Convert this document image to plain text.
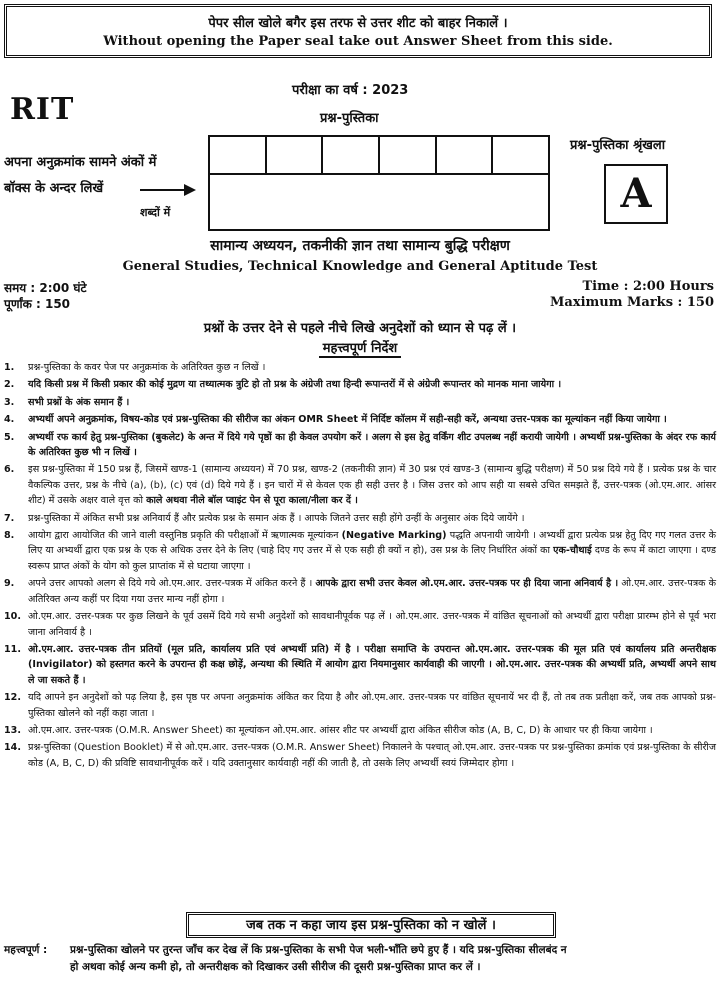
पेपर सील खोले बगैर इस तरफ से उत्तर शीट को बाहर निकालें ।
Without opening the Paper seal take out Answer Sheet from this side.
RIT
परीक्षा का वर्ष : 2023
प्रश्न-पुस्तिका
अपना अनुक्रमांक सामने अंकों में
बॉक्स के अन्दर लिखें
शब्दों में
प्रश्न-पुस्तिका श्रृंखला
A
सामान्य अध्ययन, तकनीकी ज्ञान तथा सामान्य बुद्धि परीक्षण
General Studies, Technical Knowledge and General Aptitude Test
समय : 2:00 घंटे
पूर्णांक : 150
Time : 2:00 Hours
Maximum Marks : 150
प्रश्नों के उत्तर देने से पहले नीचे लिखे अनुदेशों को ध्यान से पढ़ लें ।
महत्त्वपूर्ण निर्देश
1.	प्रश्न-पुस्तिका के कवर पेज पर अनुक्रमांक के अतिरिक्त कुछ न लिखें ।
2.	यदि किसी प्रश्न में किसी प्रकार की कोई मुद्रण या तथ्यात्मक त्रुटि हो तो प्रश्न के अंग्रेजी तथा हिन्दी रूपान्तरों में से अंग्रेजी रूपान्तर को मानक माना जायेगा ।
3.	सभी प्रश्नों के अंक समान हैं ।
4.	अभ्यर्थी अपने अनुक्रमांक, विषय-कोड एवं प्रश्न-पुस्तिका की सीरीज का अंकन OMR Sheet में निर्दिष्ट कॉलम में सही-सही करें, अन्यथा उत्तर-पत्रक का मूल्यांकन नहीं किया जायेगा ।
5.	अभ्यर्थी रफ कार्य हेतु प्रश्न-पुस्तिका (बुकलेट) के अन्त में दिये गये पृष्ठों का ही केवल उपयोग करें । अलग से इस हेतु वर्किंग शीट उपलब्ध नहीं करायी जायेगी । अभ्यर्थी प्रश्न-पुस्तिका के अंदर रफ कार्य के अतिरिक्त कुछ भी न लिखें ।
6.	इस प्रश्न-पुस्तिका में 150 प्रश्न हैं, जिसमें खण्ड-1 (सामान्य अध्ययन) में 70 प्रश्न, खण्ड-2 (तकनीकी ज्ञान) में 30 प्रश्न एवं खण्ड-3 (सामान्य बुद्धि परीक्षण) में 50 प्रश्न दिये गये हैं । प्रत्येक प्रश्न के चार वैकल्पिक उत्तर, प्रश्न के नीचे (a), (b), (c) एवं (d) दिये गये हैं । इन चारों में से केवल एक ही सही उत्तर है । जिस उत्तर को आप सही या सबसे उचित समझते हैं, उत्तर-पत्रक (ओ.एम.आर. आंसर शीट) में उसके अक्षर वाले वृत्त को काले अथवा नीले बॉल प्वाइंट पेन से पूरा काला/नीला कर दें ।
7.	प्रश्न-पुस्तिका में अंकित सभी प्रश्न अनिवार्य हैं और प्रत्येक प्रश्न के समान अंक हैं । आपके जितने उत्तर सही होंगे उन्हीं के अनुसार अंक दिये जायेंगे ।
8.	आयोग द्वारा आयोजित की जाने वाली वस्तुनिष्ठ प्रकृति की परीक्षाओं में ऋणात्मक मूल्यांकन (Negative Marking) पद्धति अपनायी जायेगी । अभ्यर्थी द्वारा प्रत्येक प्रश्न हेतु दिए गए गलत उत्तर के लिए या अभ्यर्थी द्वारा एक प्रश्न के एक से अधिक उत्तर देने के लिए (चाहे दिए गए उत्तर में से एक सही ही क्यों न हो), उस प्रश्न के लिए निर्धारित अंकों का एक-चौथाई दण्ड के रूप में काटा जाएगा । दण्ड स्वरूप प्राप्त अंकों के योग को कुल प्राप्तांक में से घटाया जाएगा ।
9.	अपने उत्तर आपको अलग से दिये गये ओ.एम.आर. उत्तर-पत्रक में अंकित करने हैं । आपके द्वारा सभी उत्तर केवल ओ.एम.आर. उत्तर-पत्रक पर ही दिया जाना अनिवार्य है । ओ.एम.आर. उत्तर-पत्रक के अतिरिक्त अन्य कहीं पर दिया गया उत्तर मान्य नहीं होगा ।
10. ओ.एम.आर. उत्तर-पत्रक पर कुछ लिखने के पूर्व उसमें दिये गये सभी अनुदेशों को सावधानीपूर्वक पढ़ लें । ओ.एम.आर. उत्तर-पत्रक में वांछित सूचनाओं को अभ्यर्थी द्वारा परीक्षा प्रारम्भ होने से पूर्व भरा जाना अनिवार्य है ।
11. ओ.एम.आर. उत्तर-पत्रक तीन प्रतियों (मूल प्रति, कार्यालय प्रति एवं अभ्यर्थी प्रति) में है । परीक्षा समाप्ति के उपरान्त ओ.एम.आर. उत्तर-पत्रक की मूल प्रति एवं कार्यालय प्रति अन्तरीक्षक (Invigilator) को हस्तगत करने के उपरान्त ही कक्ष छोड़ें, अन्यथा की स्थिति में आयोग द्वारा नियमानुसार कार्यवाही की जाएगी । ओ.एम.आर. उत्तर-पत्रक की अभ्यर्थी प्रति, अभ्यर्थी अपने साथ ले जा सकते हैं ।
12. यदि आपने इन अनुदेशों को पढ़ लिया है, इस पृष्ठ पर अपना अनुक्रमांक अंकित कर दिया है और ओ.एम.आर. उत्तर-पत्रक पर वांछित सूचनायें भर दी हैं, तो तब तक प्रतीक्षा करें, जब तक आपको प्रश्न-पुस्तिका खोलने को नहीं कहा जाता ।
13. ओ.एम.आर. उत्तर-पत्रक (O.M.R. Answer Sheet) का मूल्यांकन ओ.एम.आर. आंसर शीट पर अभ्यर्थी द्वारा अंकित सीरीज कोड (A, B, C, D) के आधार पर ही किया जायेगा ।
14. प्रश्न-पुस्तिका (Question Booklet) में से ओ.एम.आर. उत्तर-पत्रक (O.M.R. Answer Sheet) निकालने के पश्चात् ओ.एम.आर. उत्तर-पत्रक पर प्रश्न-पुस्तिका क्रमांक एवं प्रश्न-पुस्तिका के सीरीज कोड (A, B, C, D) की प्रविष्टि सावधानीपूर्वक करें । यदि उक्तानुसार कार्यवाही नहीं की जाती है, तो उसके लिए अभ्यर्थी स्वयं जिम्मेदार होगा ।
जब तक न कहा जाय इस प्रश्न-पुस्तिका को न खोलें ।
महत्त्वपूर्ण :	प्रश्न-पुस्तिका खोलने पर तुरन्त जाँच कर देख लें कि प्रश्न-पुस्तिका के सभी पेज भली-भाँति छपे हुए हैं । यदि प्रश्न-पुस्तिका सीलबंद न
हो अथवा कोई अन्य कमी हो, तो अन्तरीक्षक को दिखाकर उसी सीरीज की दूसरी प्रश्न-पुस्तिका प्राप्त कर लें ।
